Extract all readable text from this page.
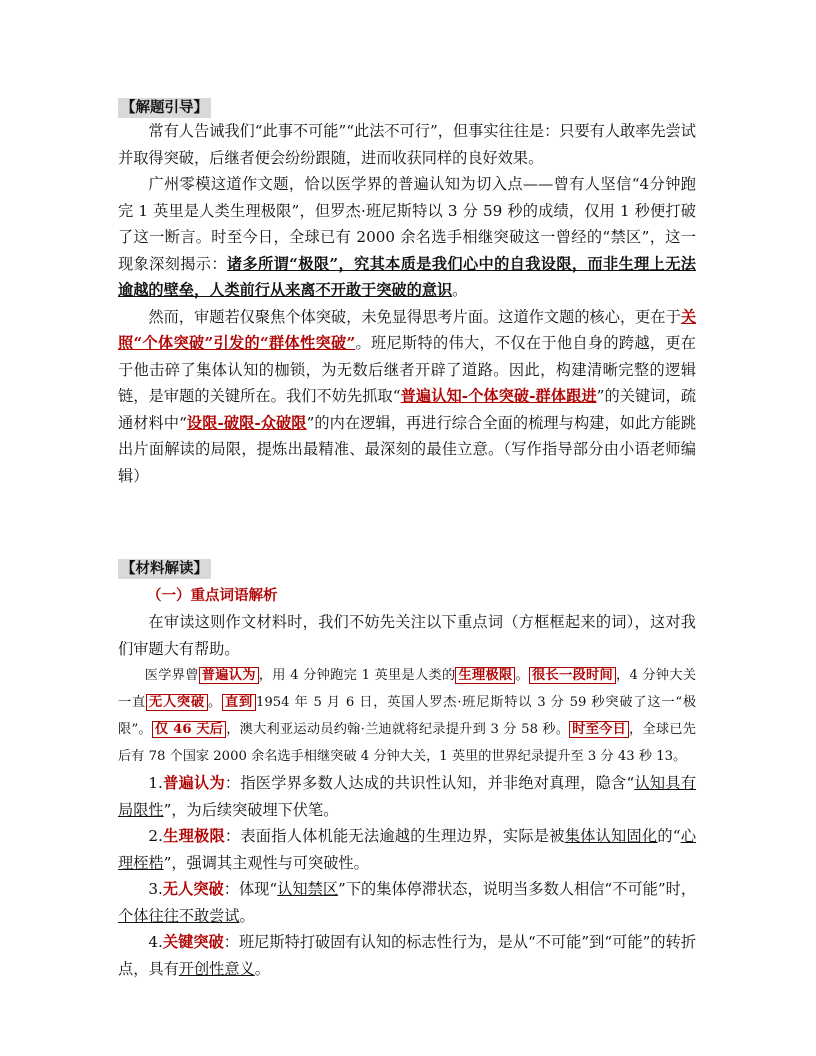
【解题引导】

常有人告诫我们“此事不可能”“此法不可行”，但事实往往是：只要有人敢率先尝试并取得突破，后继者便会纷纷跟随，进而收获同样的良好效果。

广州零模这道作文题，恰以医学界的普遍认知为切入点——曾有人坚信“4分钟跑完 1 英里是人类生理极限”，但罗杰·班尼斯特以 3 分 59 秒的成绩，仅用 1 秒便打破了这一断言。时至今日，全球已有 2000 余名选手相继突破这一曾经的“禁区”，这一现象深刻揭示：诸多所谓“极限”，究其本质是我们心中的自我设限，而非生理上无法逾越的壁垒，人类前行从来离不开敢于突破的意识。

然而，审题若仅聚焦个体突破，未免显得思考片面。这道作文题的核心，更在于关照“个体突破”引发的“群体性突破”。班尼斯特的伟大，不仅在于他自身的跨越，更在于他击碎了集体认知的枷锁，为无数后继者开辟了道路。因此，构建清晰完整的逻辑链，是审题的关键所在。我们不妨先抓取“普遍认知-个体突破-群体跟进”的关键词，疏通材料中“设限-破限-众破限”的内在逻辑，再进行综合全面的梳理与构建，如此方能跳出片面解读的局限，提炼出最精准、最深刻的最佳立意。（写作指导部分由小语老师编辑）

【材料解读】
（一）重点词语解析

在审读这则作文材料时，我们不妨先关注以下重点词（方框框起来的词），这对我们审题大有帮助。

医学界曾 普遍认为 ，用 4 分钟跑完 1 英里是人类的 生理极限 。 很长一段时间 ，4 分钟大关一直 无人突破 。 直到 1954 年 5 月 6 日，英国人罗杰·班尼斯特以 3 分 59 秒突破了这一“极限”。 仅 46 天后 ，澳大利亚运动员约翰·兰迪就将纪录提升到 3 分 58 秒。 时至今日 ，全球已先后有 78 个国家 2000 余名选手相继突破 4 分钟大关，1 英里的世界纪录提升至 3 分 43 秒 13。

1.普遍认为：指医学界多数人达成的共识性认知，并非绝对真理，隐含“认知具有局限性”，为后续突破埋下伏笔。

2.生理极限：表面指人体机能无法逾越的生理边界，实际是被集体认知固化的“心理桎梏”，强调其主观性与可突破性。

3.无人突破：体现“认知禁区”下的集体停滞状态，说明当多数人相信“不可能”时，个体往往不敢尝试。

4.关键突破：班尼斯特打破固有认知的标志性行为，是从“不可能”到“可能”的转折点，具有开创性意义。
